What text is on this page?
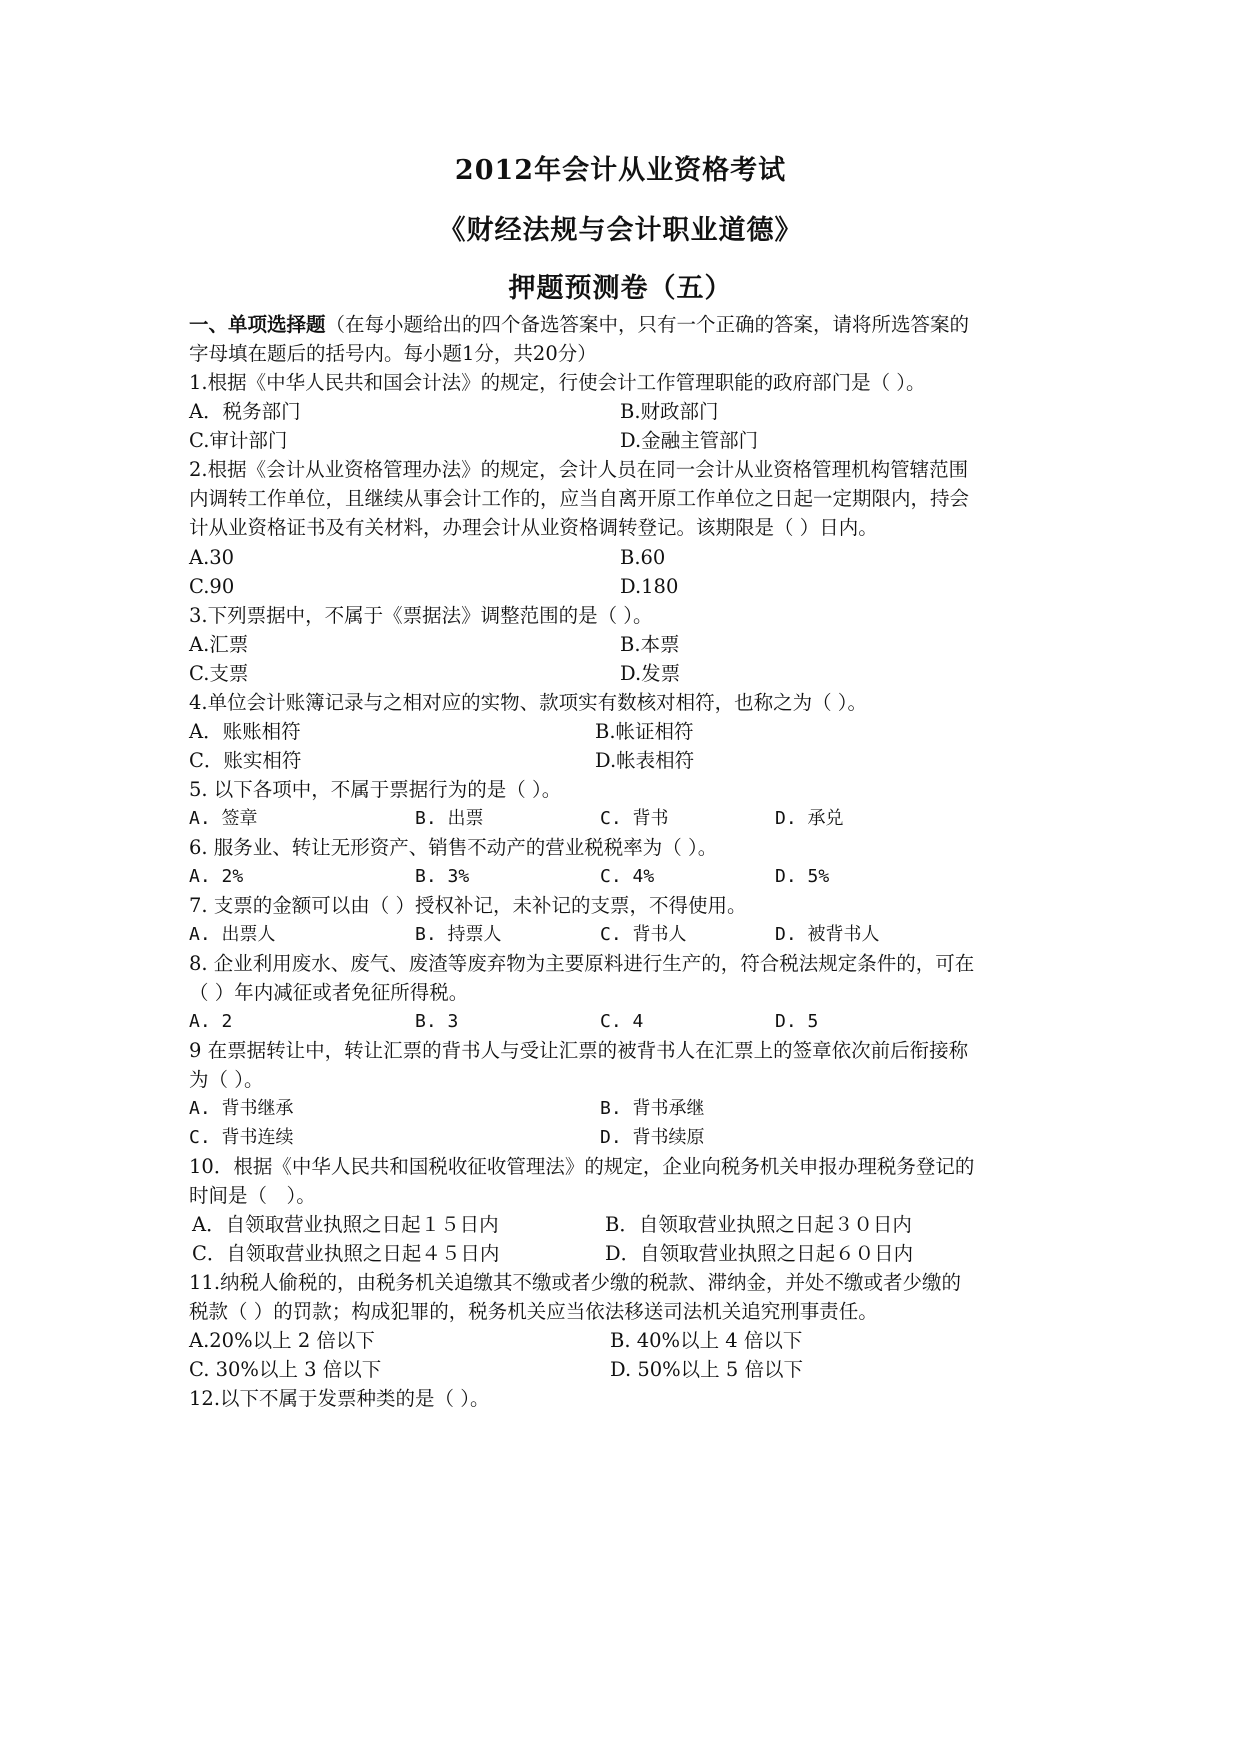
2012年会计从业资格考试
《财经法规与会计职业道德》
押题预测卷（五）
一、单项选择题（在每小题给出的四个备选答案中，只有一个正确的答案，请将所选答案的
字母填在题后的括号内。每小题1分，共20分）
1.根据《中华人民共和国会计法》的规定，行使会计工作管理职能的政府部门是（ ）。
A．税务部门	B.财政部门
C.审计部门	D.金融主管部门
2.根据《会计从业资格管理办法》的规定，会计人员在同一会计从业资格管理机构管辖范围
内调转工作单位，且继续从事会计工作的，应当自离开原工作单位之日起一定期限内，持会
计从业资格证书及有关材料，办理会计从业资格调转登记。该期限是（ ）日内。
A.30	B.60
C.90	D.180
3.下列票据中，不属于《票据法》调整范围的是（ ）。
A.汇票	B.本票
C.支票	D.发票
4.单位会计账簿记录与之相对应的实物、款项实有数核对相符，也称之为（ ）。
A．账账相符	B.帐证相符
C．账实相符	D.帐表相符
5. 以下各项中，不属于票据行为的是（ ）。
A. 签章	B. 出票	C. 背书	D. 承兑
6. 服务业、转让无形资产、销售不动产的营业税税率为（ ）。
A. 2%	B. 3%	C. 4%	D. 5%
7. 支票的金额可以由（ ）授权补记，未补记的支票，不得使用。
A. 出票人	B. 持票人	C. 背书人	D. 被背书人
8. 企业利用废水、废气、废渣等废弃物为主要原料进行生产的，符合税法规定条件的，可在
（ ）年内减征或者免征所得税。
A. 2	B. 3	C. 4	D. 5
9 在票据转让中，转让汇票的背书人与受让汇票的被背书人在汇票上的签章依次前后衔接称
为（ ）。
A. 背书继承	B. 背书承继
C. 背书连续	D. 背书续原
10．根据《中华人民共和国税收征收管理法》的规定，企业向税务机关申报办理税务登记的
时间是（　）。
A．自领取营业执照之日起１５日内	B．自领取营业执照之日起３０日内
C．自领取营业执照之日起４５日内	D．自领取营业执照之日起６０日内
11.纳税人偷税的，由税务机关追缴其不缴或者少缴的税款、滞纳金，并处不缴或者少缴的
税款（ ）的罚款；构成犯罪的，税务机关应当依法移送司法机关追究刑事责任。
A.20%以上 2 倍以下	B. 40%以上 4 倍以下
C. 30%以上 3 倍以下	D. 50%以上 5 倍以下
12.以下不属于发票种类的是（ ）。
